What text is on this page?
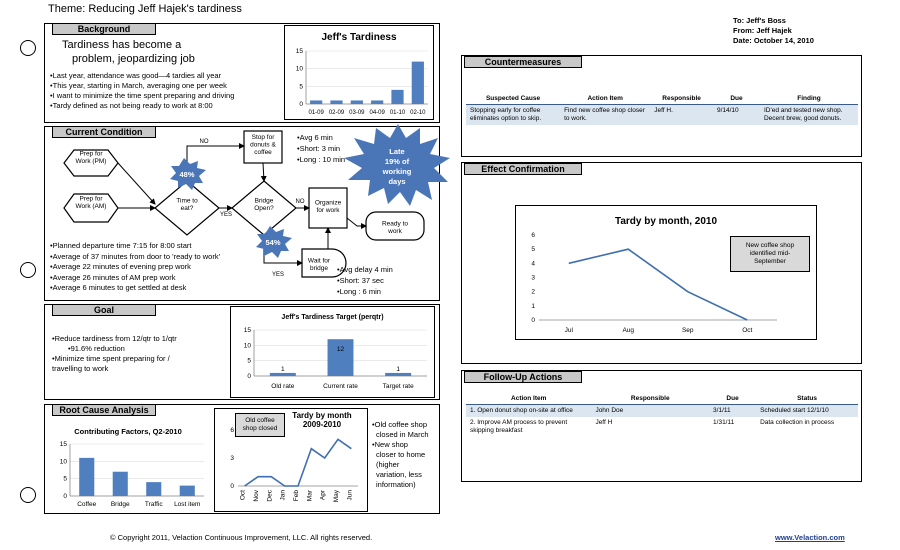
Theme: Reducing Jeff Hajek's tardiness
To: Jeff's Boss
From: Jeff Hajek
Date: October 14, 2010
Background
Tardiness has become a
problem, jeopardizing job
•Last year, attendance was good—4 tardies all year
•This year, starting in March, averaging one per week
•I want to minimize the time spent preparing and driving
•Tardy defined as not being ready to work at 8:00
Jeff's Tardiness
0
5
10
15
01-09 02-09 03-09 04-09 01-10 02-10
Current Condition
Prep for Work (PM)
Prep for Work (AM)
Time to eat?
Bridge Open?
Stop for donuts & coffee
Organize for work
Ready to work
Wait for bridge
NO
YES
NO
YES
48%
54%
Late
19% of
working
days
•Avg 6 min
•Short: 3 min
•Long : 10 min
•Avg delay 4 min
•Short: 37 sec
•Long : 6 min
•Planned departure time 7:15 for 8:00 start
•Average of 37 minutes from door to 'ready to work'
•Average 22 minutes of evening prep work
•Average 26 minutes of AM prep work
•Average 6 minutes to get settled at desk
Goal
•Reduce tardiness from 12/qtr to 1/qtr
•91.6% reduction
•Minimize time spent preparing for /
travelling to work
Jeff's Tardiness Target (perqtr)
0
5
10
15
1
Old rate
12
Current rate
1
Target rate
Root Cause Analysis
Contributing Factors, Q2-2010
0
5
10
15
Coffee Bridge Traffic Lost item
Tardy by month
2009-2010
0
3
6
Oct Nov Dec Jan Feb Mar Apr May Jun
Old coffee
shop closed	•Old coffee shop
closed in March
•New shop
closer to home
(higher
variation, less
information)
Countermeasures
Suspected Cause	Action Item	Responsible	Due	Finding
Stopping early for coffee eliminates option to skip.	Find new coffee shop closer to work.	Jeff H.	9/14/10	ID'ed and tested new shop. Decent brew, good donuts.
Effect Confirmation
Tardy by month, 2010
0
1
2
3
4
5
6
Jul	Aug	Sep	Oct
New coffee shop
identified mid-
September
Follow-Up Actions
Action Item	Responsible	Due	Status
1. Open donut shop on-site at office	John Doe	3/1/11	Scheduled start 12/1/10
2. Improve AM process to prevent skipping breakfast	Jeff H	1/31/11	Data collection in process
© Copyright 2011, Velaction Continuous Improvement, LLC. All rights reserved.	www.Velaction.com
